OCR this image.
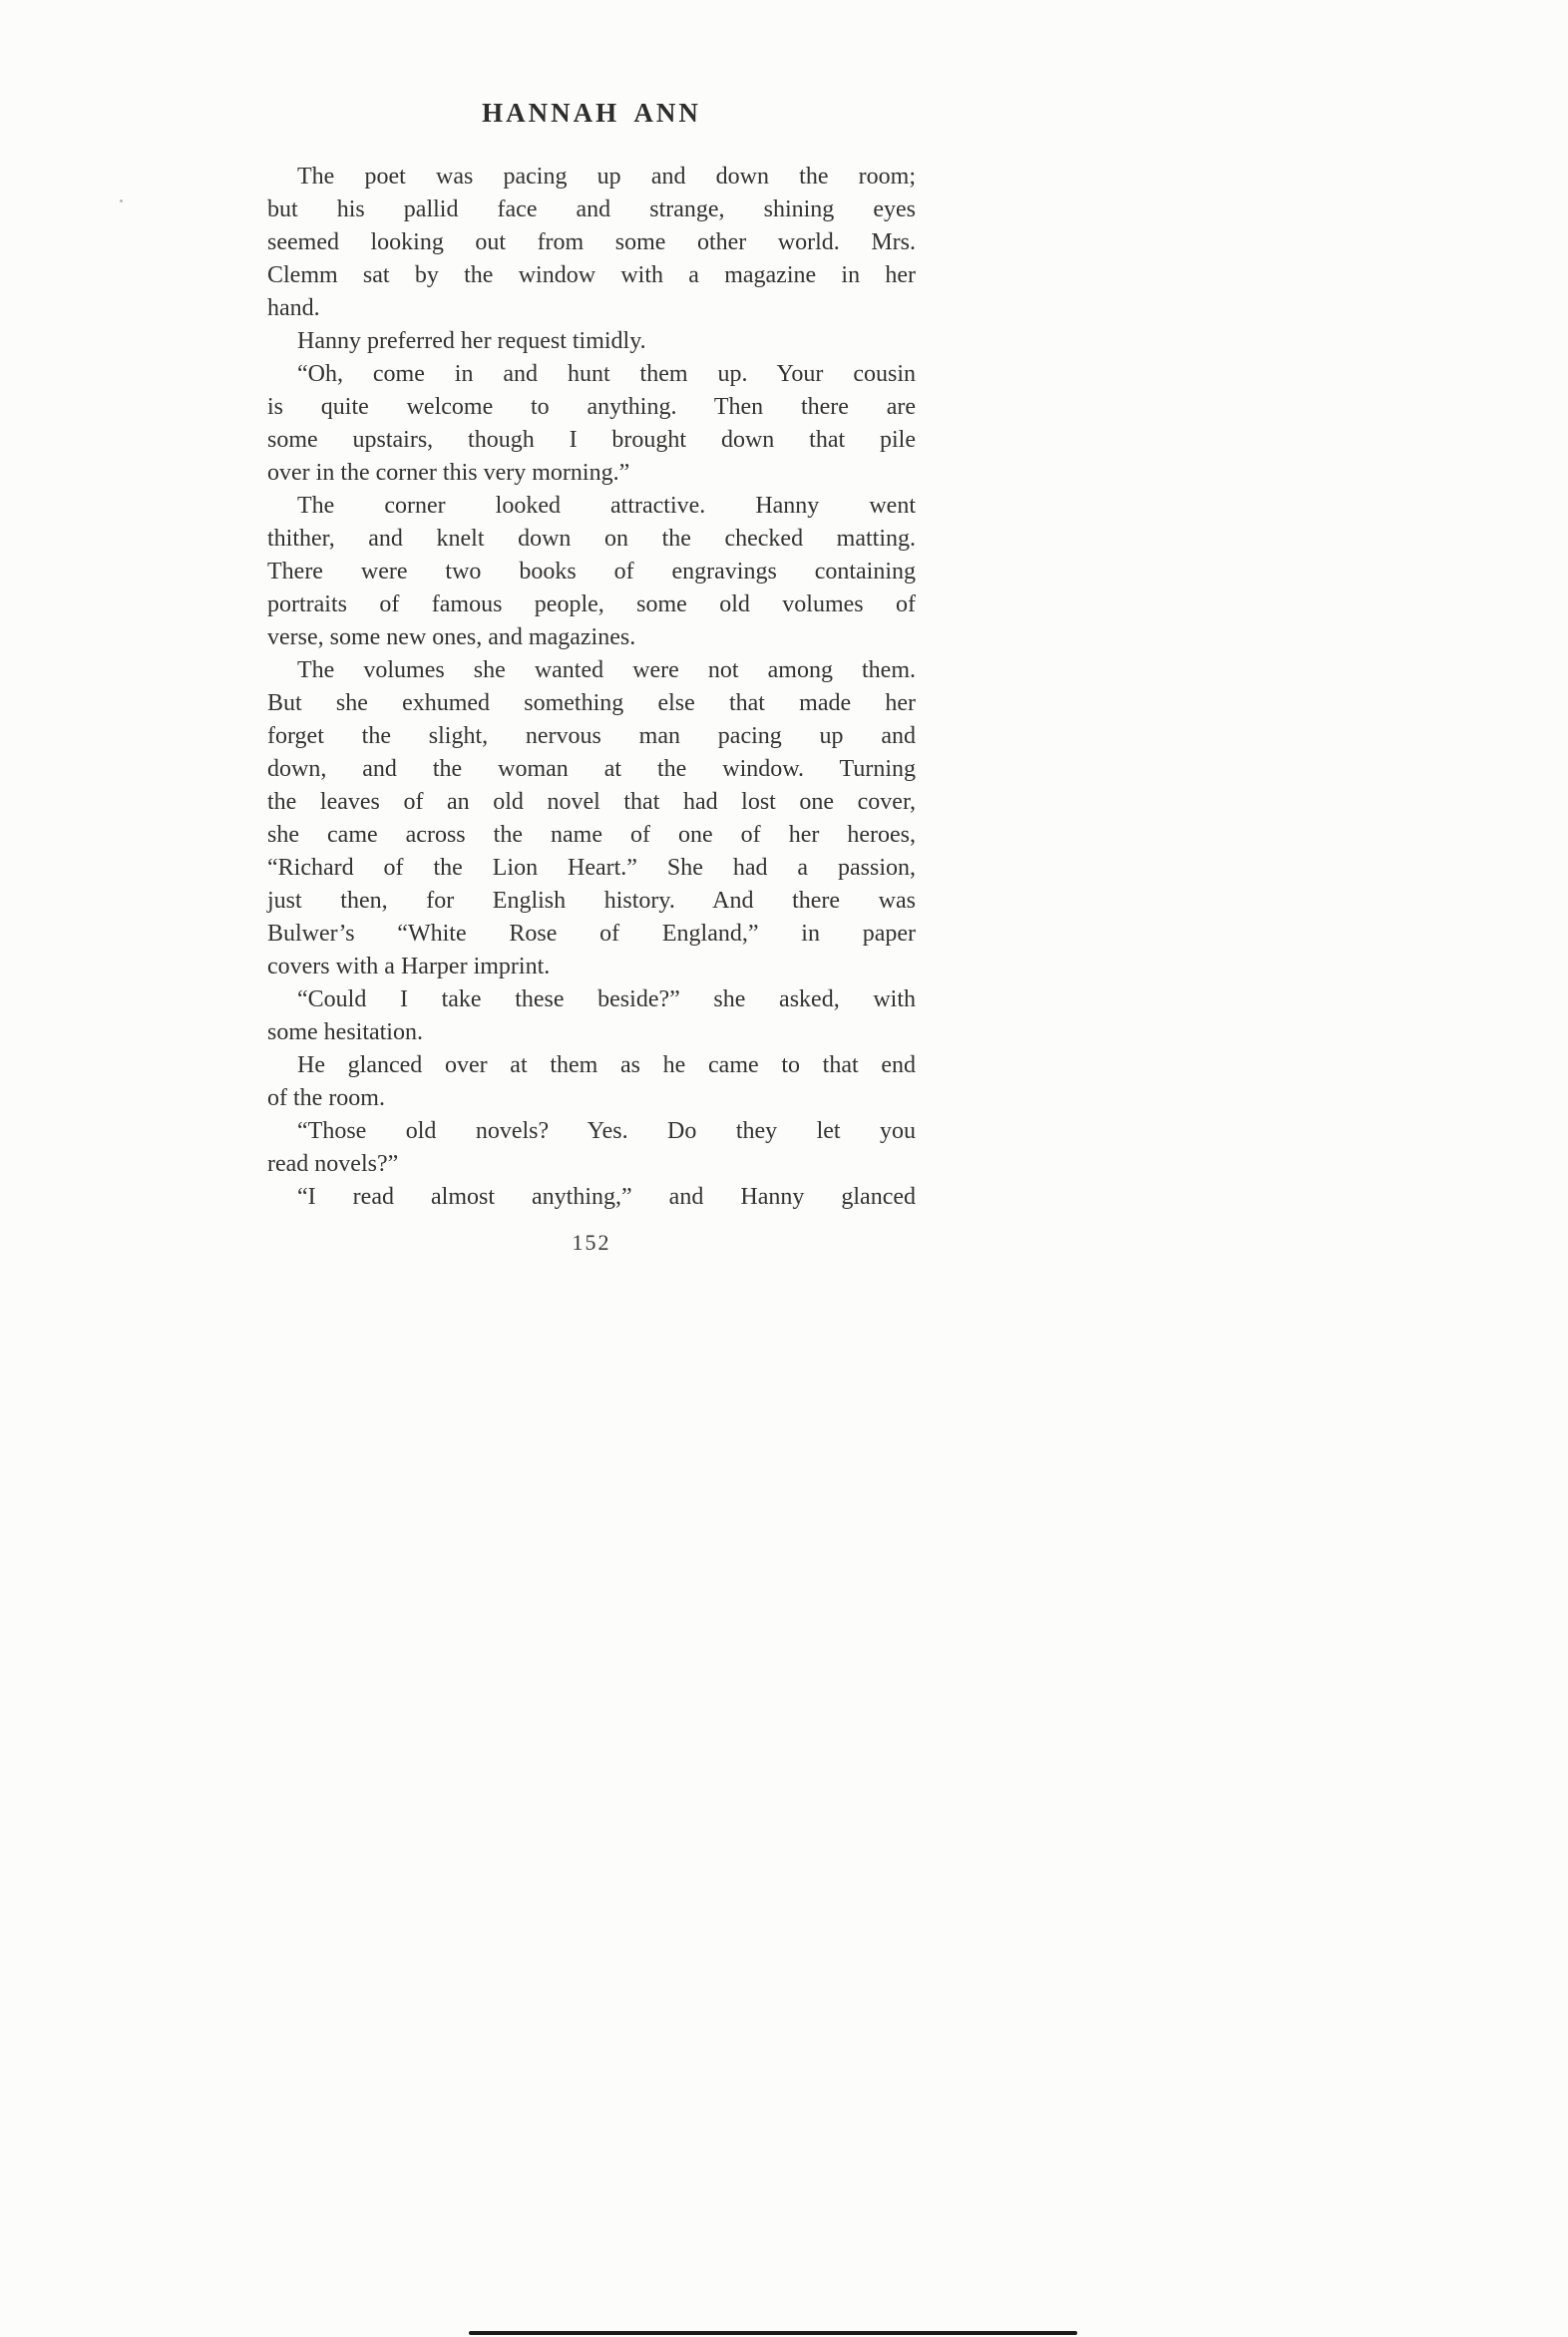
HANNAH ANN

The poet was pacing up and down the room;
but his pallid face and strange, shining eyes
seemed looking out from some other world. Mrs.
Clemm sat by the window with a magazine in her
hand.

Hanny preferred her request timidly.

“Oh, come in and hunt them up. Your cousin
is quite welcome to anything. Then there are
some upstairs, though I brought down that pile
over in the corner this very morning.”

The corner looked attractive. Hanny went
thither, and knelt down on the checked matting.
There were two books of engravings containing
portraits of famous people, some old volumes of
verse, some new ones, and magazines.

The volumes she wanted were not among them.
But she exhumed something else that made her
forget the slight, nervous man pacing up and
down, and the woman at the window. Turning
the leaves of an old novel that had lost one cover,
she came across the name of one of her heroes,
“Richard of the Lion Heart.” She had a passion,
just then, for English history. And there was
Bulwer’s “White Rose of England,” in paper
covers with a Harper imprint.

“Could I take these beside?” she asked, with
some hesitation.

He glanced over at them as he came to that end
of the room.

“Those old novels? Yes. Do they let you
read novels?”

“I read almost anything,” and Hanny glanced

152
